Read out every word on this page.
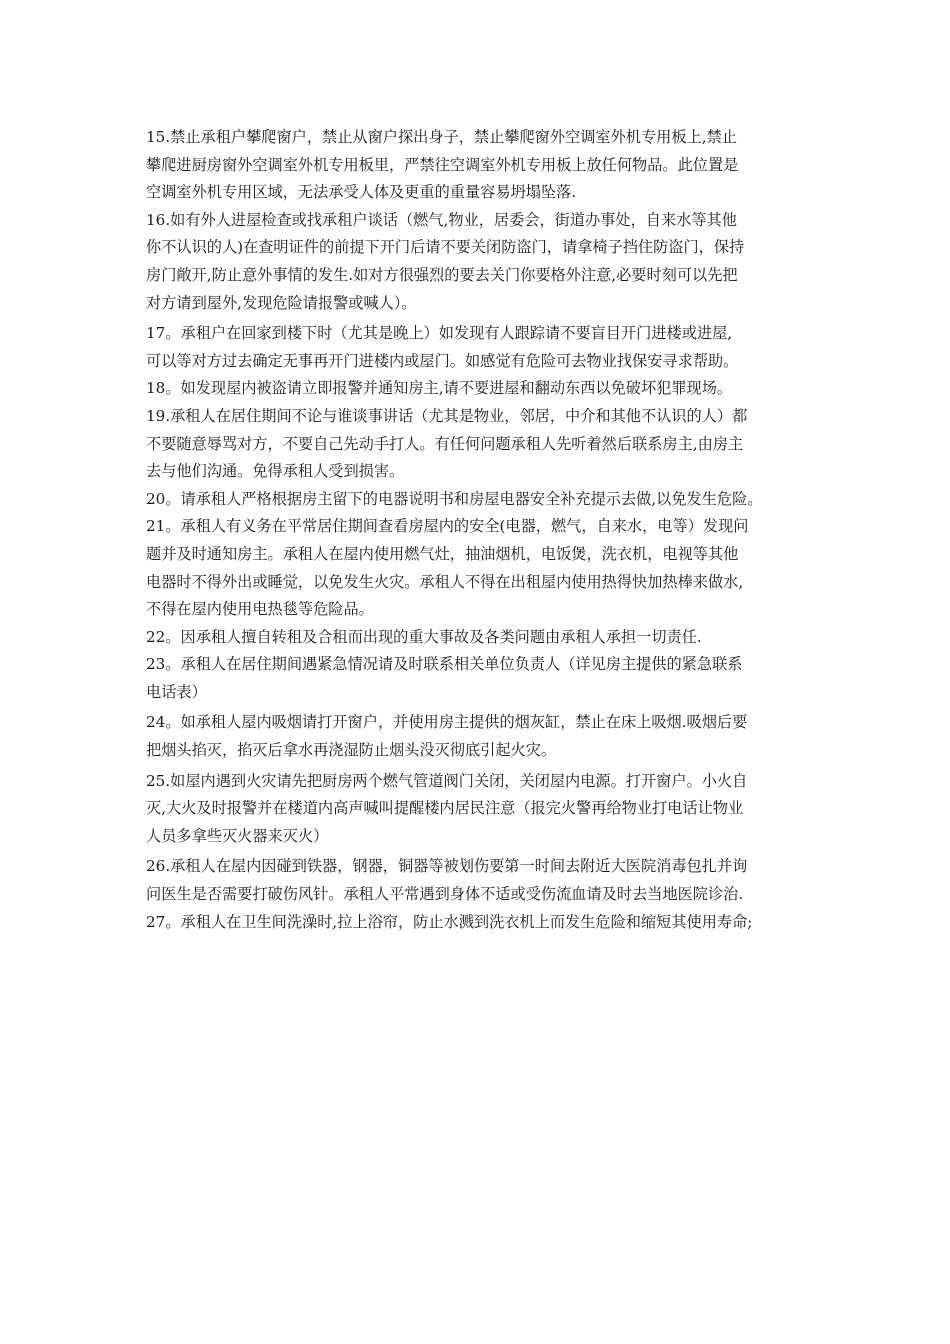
15.禁止承租户攀爬窗户，禁止从窗户探出身子，禁止攀爬窗外空调室外机专用板上,禁止
攀爬进厨房窗外空调室外机专用板里，严禁往空调室外机专用板上放任何物品。此位置是
空调室外机专用区域，无法承受人体及更重的重量容易坍塌坠落.
16.如有外人进屋检查或找承租户谈话（燃气,物业，居委会，街道办事处，自来水等其他
你不认识的人)在查明证件的前提下开门后请不要关闭防盗门，请拿椅子挡住防盗门，保持
房门敞开,防止意外事情的发生.如对方很强烈的要去关门你要格外注意,必要时刻可以先把
对方请到屋外,发现危险请报警或喊人）。
17。承租户在回家到楼下时（尤其是晚上）如发现有人跟踪请不要盲目开门进楼或进屋,
可以等对方过去确定无事再开门进楼内或屋门。如感觉有危险可去物业找保安寻求帮助。
18。如发现屋内被盗请立即报警并通知房主,请不要进屋和翻动东西以免破坏犯罪现场。
19.承租人在居住期间不论与谁谈事讲话（尤其是物业，邻居，中介和其他不认识的人）都
不要随意辱骂对方，不要自己先动手打人。有任何问题承租人先听着然后联系房主,由房主
去与他们沟通。免得承租人受到损害。
20。请承租人严格根据房主留下的电器说明书和房屋电器安全补充提示去做,以免发生危险。
21。承租人有义务在平常居住期间查看房屋内的安全(电器，燃气，自来水，电等）发现问
题并及时通知房主。承租人在屋内使用燃气灶，抽油烟机，电饭煲，洗衣机，电视等其他
电器时不得外出或睡觉，以免发生火灾。承租人不得在出租屋内使用热得快加热棒来做水,
不得在屋内使用电热毯等危险品。
22。因承租人擅自转租及合租而出现的重大事故及各类问题由承租人承担一切责任.
23。承租人在居住期间遇紧急情况请及时联系相关单位负责人（详见房主提供的紧急联系
电话表）
24。如承租人屋内吸烟请打开窗户，并使用房主提供的烟灰缸，禁止在床上吸烟.吸烟后要
把烟头掐灭，掐灭后拿水再浇湿防止烟头没灭彻底引起火灾。
25.如屋内遇到火灾请先把厨房两个燃气管道阀门关闭，关闭屋内电源。打开窗户。小火自
灭,大火及时报警并在楼道内高声喊叫提醒楼内居民注意（报完火警再给物业打电话让物业
人员多拿些灭火器来灭火）
26.承租人在屋内因碰到铁器，钢器，铜器等被划伤要第一时间去附近大医院消毒包扎并询
问医生是否需要打破伤风针。承租人平常遇到身体不适或受伤流血请及时去当地医院诊治.
27。承租人在卫生间洗澡时,拉上浴帘，防止水溅到洗衣机上而发生危险和缩短其使用寿命;
